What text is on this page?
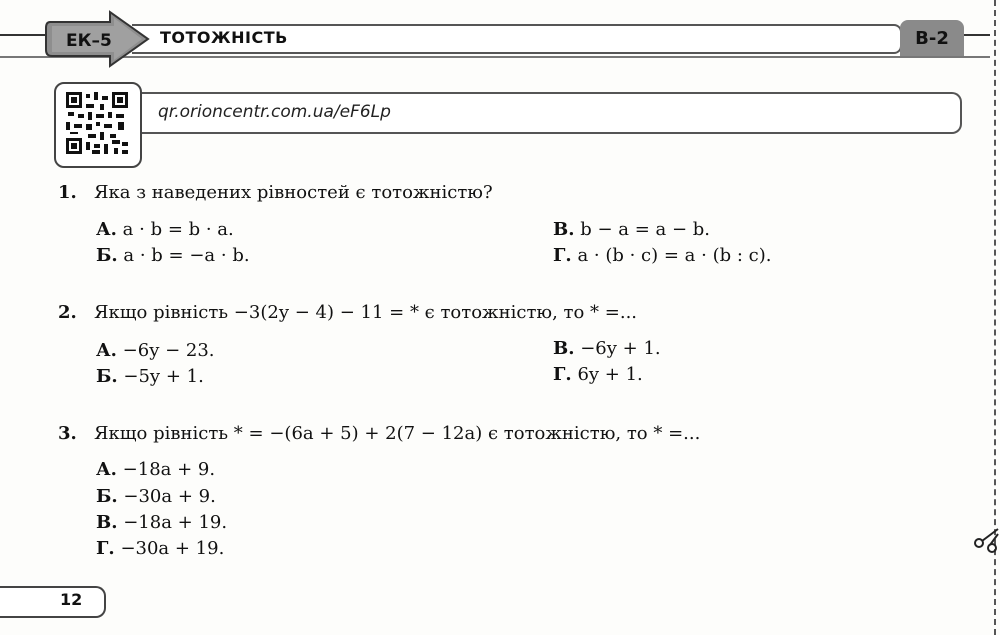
ЕК–5	ТОТОЖНІСТЬ	В-2
qr.orioncentr.com.ua/eF6Lp
1. Яка з наведених рівностей є тотожністю?
А. a · b = b · a.
Б. a · b = −a · b.
В. b − a = a − b.
Г. a · (b · c) = a · (b : c).
2. Якщо рівність −3(2y − 4) − 11 = * є тотожністю, то * =...
А. −6y − 23.
Б. −5y + 1.
В. −6y + 1.
Г. 6y + 1.
3. Якщо рівність * = −(6a + 5) + 2(7 − 12a) є тотожністю, то * =...
А. −18a + 9.
Б. −30a + 9.
В. −18a + 19.
Г. −30a + 19.
12
